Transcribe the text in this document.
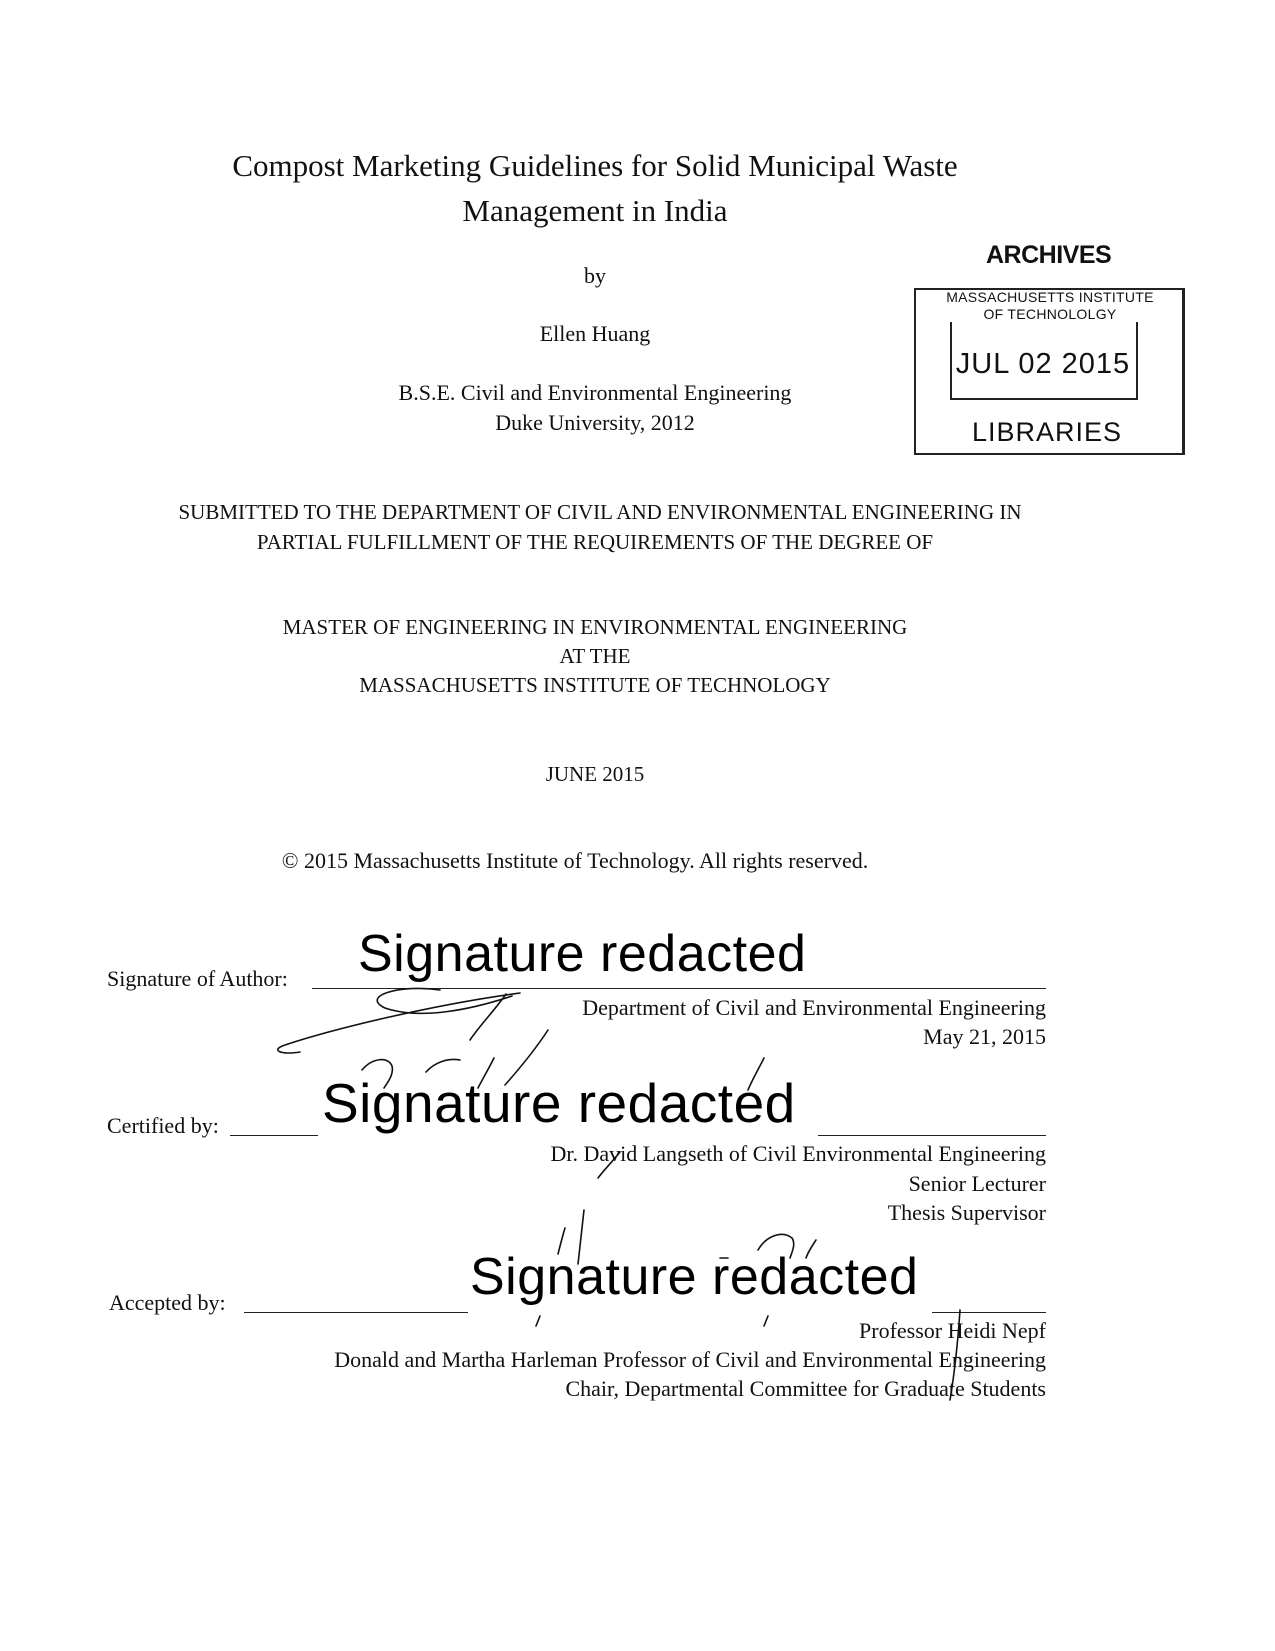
Compost Marketing Guidelines for Solid Municipal Waste
Management in India
by
Ellen Huang
B.S.E. Civil and Environmental Engineering
Duke University, 2012
ARCHIVES
MASSACHUSETTS INSTITUTE
OF TECHNOLOLGY
JUL 02 2015
LIBRARIES
SUBMITTED TO THE DEPARTMENT OF CIVIL AND ENVIRONMENTAL ENGINEERING IN
PARTIAL FULFILLMENT OF THE REQUIREMENTS OF THE DEGREE OF
MASTER OF ENGINEERING IN ENVIRONMENTAL ENGINEERING
AT THE
MASSACHUSETTS INSTITUTE OF TECHNOLOGY
JUNE 2015
© 2015 Massachusetts Institute of Technology. All rights reserved.
Signature of Author: Signature redacted
Department of Civil and Environmental Engineering
May 21, 2015
Certified by: Signature redacted
Dr. David Langseth of Civil Environmental Engineering
Senior Lecturer
Thesis Supervisor
Accepted by:	Signature redacted
Professor Heidi Nepf
Donald and Martha Harleman Professor of Civil and Environmental Engineering
Chair, Departmental Committee for Graduate Students
